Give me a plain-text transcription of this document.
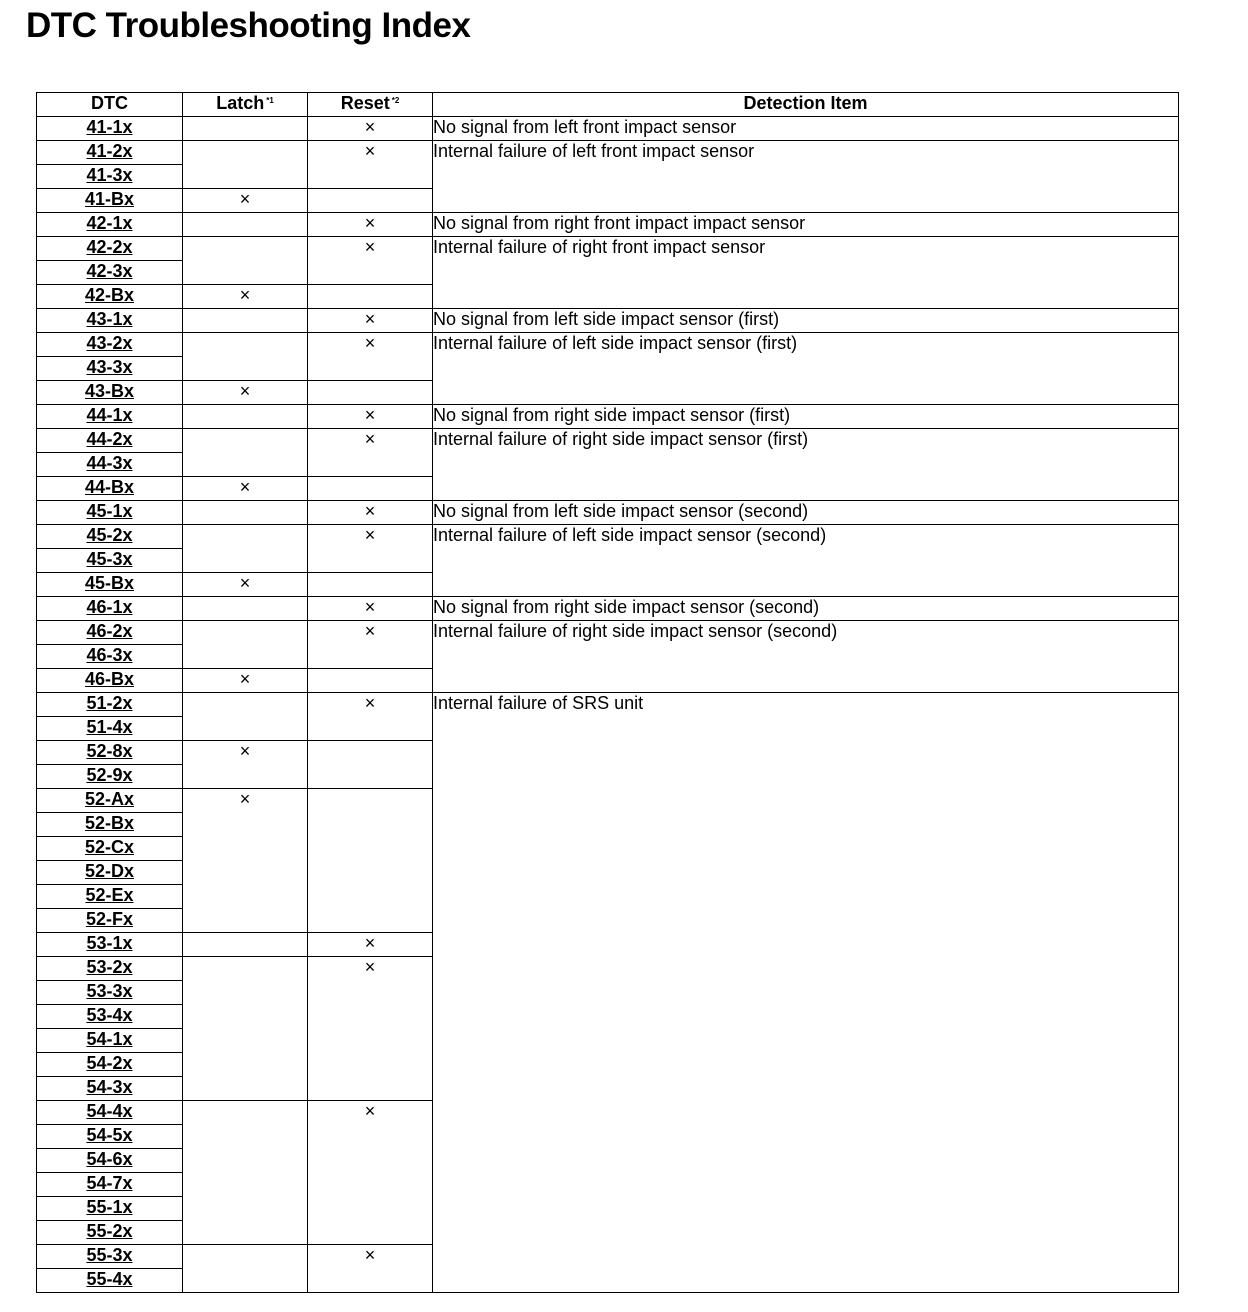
DTC Troubleshooting Index
DTC	Latch $^{*1}$	Reset $^{*2}$	Detection Item
41-1x		×	No signal from left front impact sensor
41-2x		×	Internal failure of left front impact sensor
41-3x			
41-Bx	×		
42-1x		×	No signal from right front impact impact sensor
42-2x		×	Internal failure of right front impact sensor
42-3x			
42-Bx	×		
43-1x		×	No signal from left side impact sensor (first)
43-2x		×	Internal failure of left side impact sensor (first)
43-3x			
43-Bx	×		
44-1x		×	No signal from right side impact sensor (first)
44-2x		×	Internal failure of right side impact sensor (first)
44-3x			
44-Bx	×		
45-1x		×	No signal from left side impact sensor (second)
45-2x		×	Internal failure of left side impact sensor (second)
45-3x			
45-Bx	×		
46-1x		×	No signal from right side impact sensor (second)
46-2x		×	Internal failure of right side impact sensor (second)
46-3x			
46-Bx	×		
51-2x		×	Internal failure of SRS unit
51-4x			
52-8x	×		
52-9x			
52-Ax	×		
52-Bx			
52-Cx			
52-Dx			
52-Ex			
52-Fx			
53-1x		×	
53-2x		×	
53-3x			
53-4x			
54-1x			
54-2x			
54-3x			
54-4x		×	
54-5x			
54-6x			
54-7x			
55-1x			
55-2x			
55-3x		×	
55-4x			
